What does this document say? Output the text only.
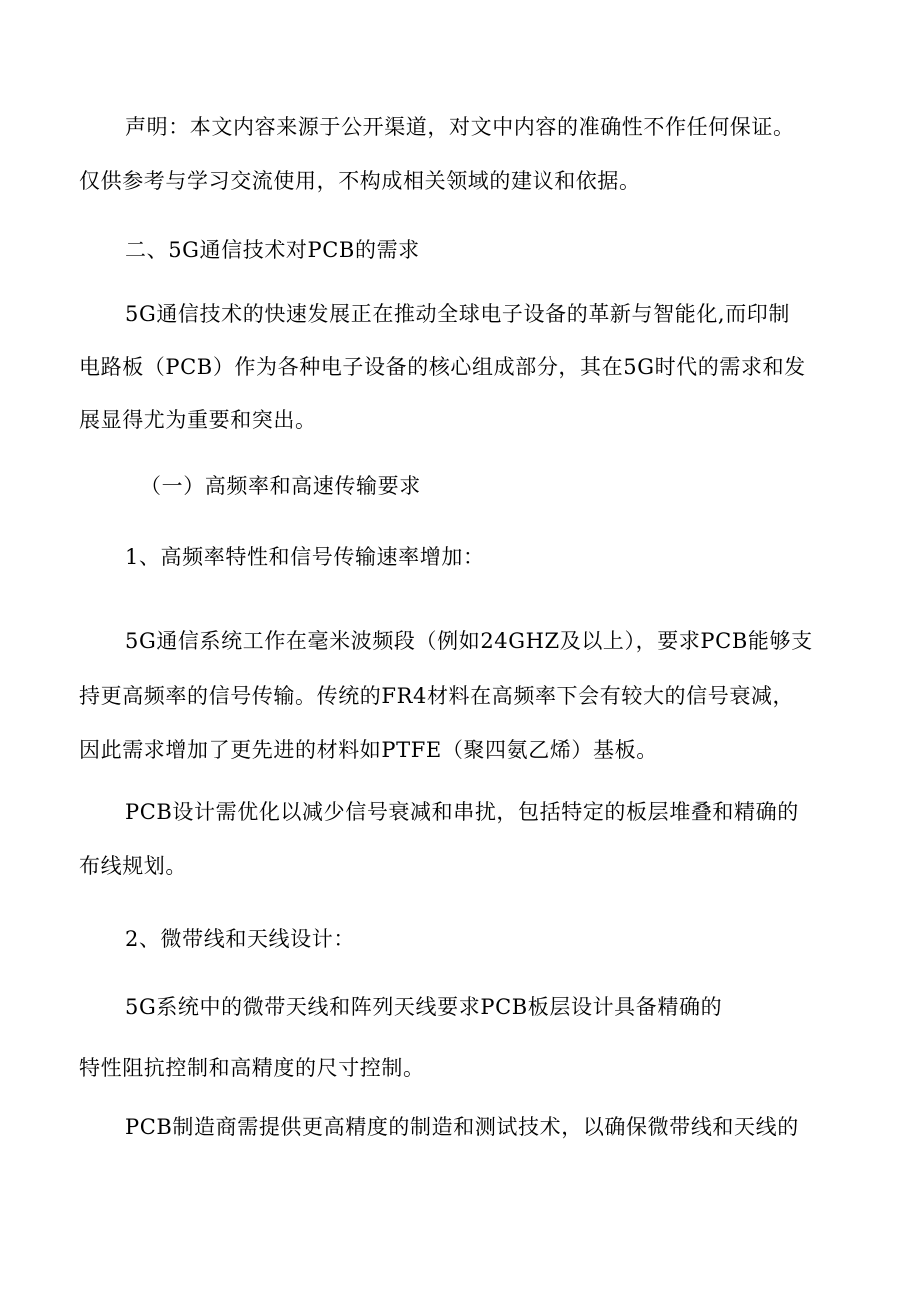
声明：本文内容来源于公开渠道，对文中内容的准确性不作任何保证。
仅供参考与学习交流使用，不构成相关领域的建议和依据。
二、5G通信技术对PCB的需求
5G通信技术的快速发展正在推动全球电子设备的革新与智能化,而印制
电路板（PCB）作为各种电子设备的核心组成部分，其在5G时代的需求和发
展显得尤为重要和突出。
（一）高频率和高速传输要求
1、高频率特性和信号传输速率增加：
5G通信系统工作在毫米波频段（例如24GHZ及以上），要求PCB能够支
持更高频率的信号传输。传统的FR4材料在高频率下会有较大的信号衰减，
因此需求增加了更先进的材料如PTFE（聚四氨乙烯）基板。
PCB设计需优化以减少信号衰减和串扰，包括特定的板层堆叠和精确的
布线规划。
2、微带线和天线设计：
5G系统中的微带天线和阵列天线要求PCB板层设计具备精确的
特性阻抗控制和高精度的尺寸控制。
PCB制造商需提供更高精度的制造和测试技术，以确保微带线和天线的
